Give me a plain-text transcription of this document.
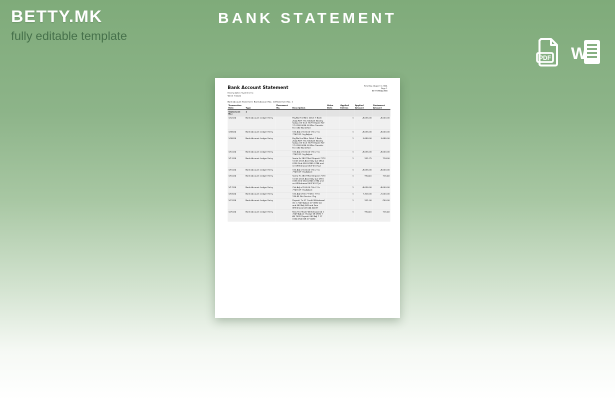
BETTY.MK
fully editable template
BANK STATEMENT
PDF W
Bank Account Statement
Kearny Aztec Systems Inc
Week 7/2024
Saturday, August 3, 2024
Page 1
BETTYMK\ADMIN
Bank Account Statement: Bank Account No.: 10/Statement No.: 1
Transaction Date	Type	Document No.	Description	Value Date	Applied Entries	Applied Amount	Statement Amount
Statement No.:	1						
1/02/24	Bank Account Ledger Entry		PayWa Fee/Wire Debit 7 Bank 2024 REF 7717230625 Weekly Salary US Tech 7379 Empire Ref 17 0108 0034 00 Wire Transfer Fee 080 World Net		1	-8,036.00	-8,000.00
1/08/24	Bank Account Ledger Entry		Chk Adj of 100.00 Chk 2 Ca 7743129 Org Adjust		1	-8,036.00	-8,000.00
1/08/24	Bank Account Ledger Entry		PayWa Fee/Wire Debit 7 Bank 2024 REF 7717230625 Weekly Salary US Tech 7379 Empire Ref 17 0108 0034 00 Wire Transfer Fee 080 World Net		1	5,680.00	5,680.00
1/10/24	Bank Account Ledger Entry		Chk Adj of 100.00 Chk 2 Ca 7743129 Org Adjust		1	-8,036.00	-8,000.00
1/11/24	Bank Account Ledger Entry		Santa Fe 2807 Mail Deposit 7173 Credit 2163 Assembly Jun 0814 0136 Deb 034 02345 0784 and net Withdrawal 063 W 07 Jul		1	951.75	714.00
1/15/24	Bank Account Ledger Entry		Chk Adj of 100.00 Chk 2 Ca 7743129 Org Adjust		1	-8,036.00	-8,000.00
1/16/24	Bank Account Ledger Entry		Santa Fe 2807 Mail Deposit 7173 Credit 2163 Assembly Jun 0915 0136 Deb 034 02345 0784 and net Withdrawal 063 W 07 Jul		1	954.41	716.40
1/17/24	Bank Account Ledger Entry		Chk Adj of 100.00 Chk 2 Ca 7743129 Org Adjust		1	-8,036.00	-8,000.00
1/18/24	Bank Account Ledger Entry		Chk Adj 0730 77 Wire 7 Fee 130.45 Net Service Chg		1	7,300.00	-7,000.00
1/21/24	Bank Account Ledger Entry		Deposit 7x 07 Credit Withdrawal 06 1 7249 Adjust 07 0830 24 and 043 Adj 043 and Furn Withdrawal 43 044 04057		1	931.00	-700.00
1/25/24	Bank Account Ledger Entry		New Fee/Trade Withdrawal 04 1 7249 Adjust Charge 08 0830 7 AS 7009 Deposit 043 Adj 7 17 0104 054 008 07 0450		1	954.41	716.40
